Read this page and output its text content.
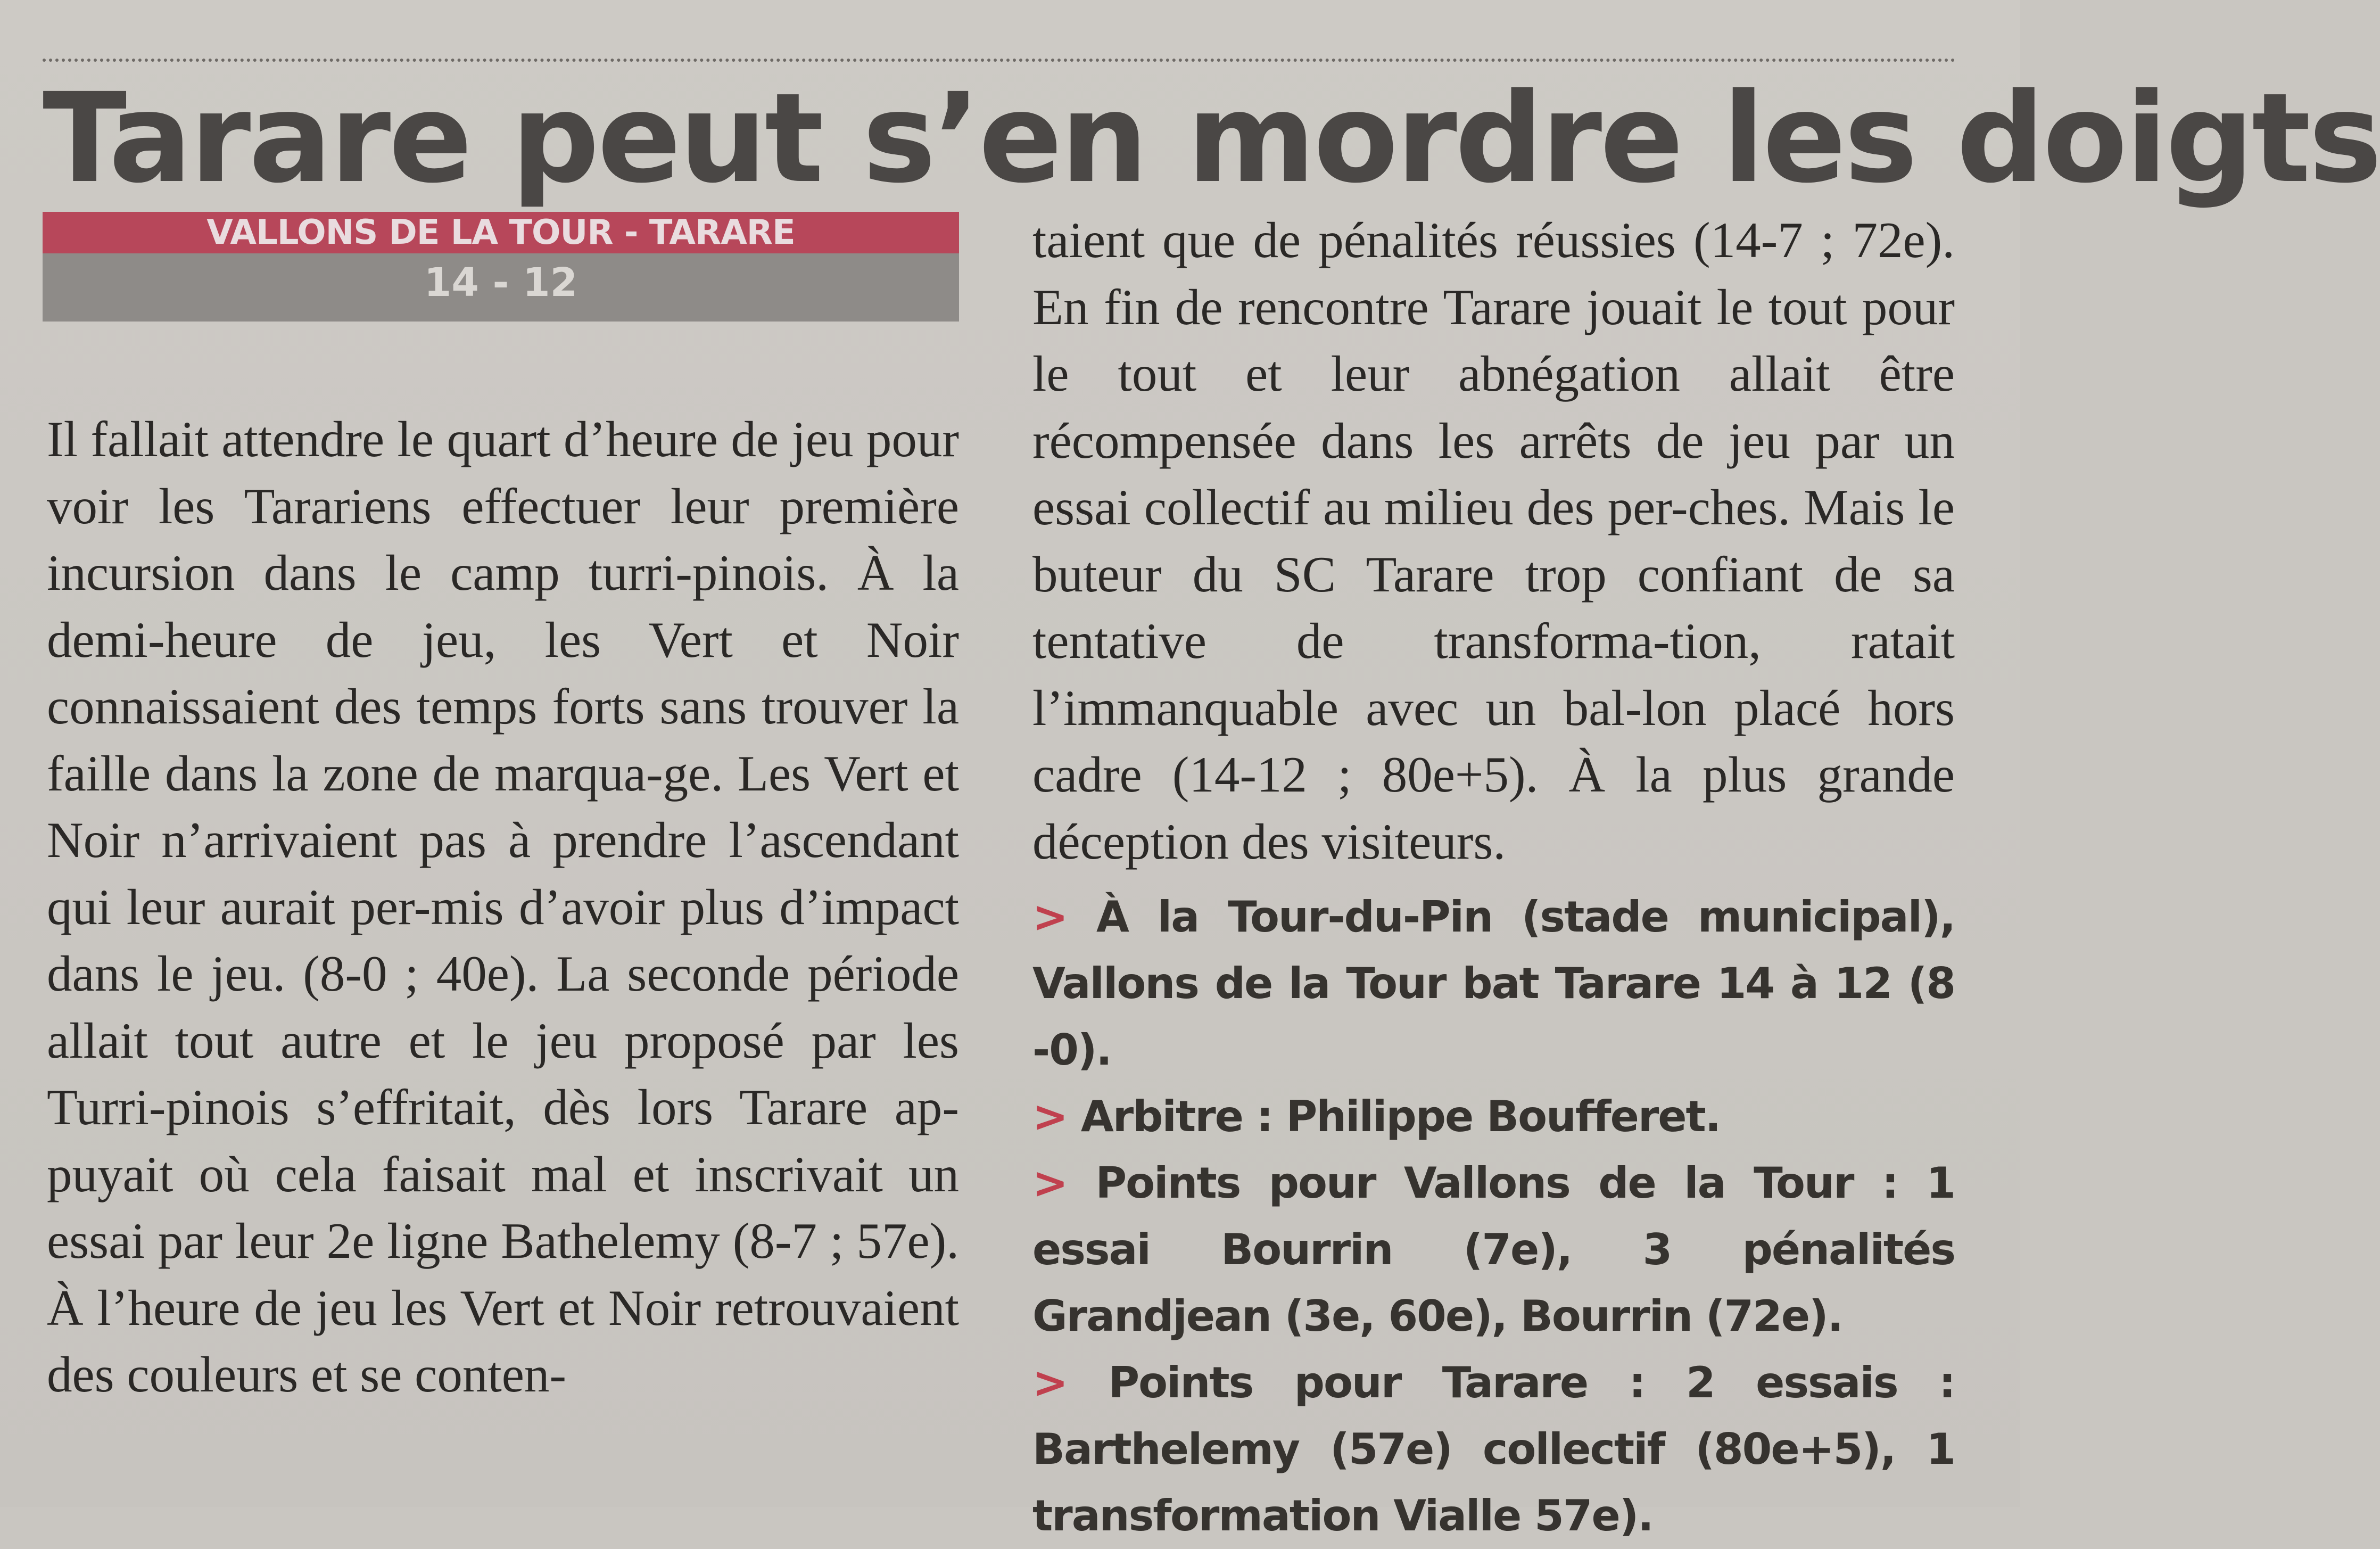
Tarare peut s’en mordre les doigts
VALLONS DE LA TOUR - TARARE
14 - 12

Il fallait attendre le quart d’heure de jeu pour voir les Tarariens effectuer leur première incursion dans le camp turri-pinois. À la demi-heure de jeu, les Vert et Noir connaissaient des temps forts sans trouver la faille dans la zone de marqua-ge. Les Vert et Noir n’arrivaient pas à prendre l’ascendant qui leur aurait per-mis d’avoir plus d’impact dans le jeu. (8-0 ; 40e). La seconde période allait tout autre et le jeu proposé par les Turri-pinois s’effritait, dès lors Tarare ap-puyait où cela faisait mal et inscrivait un essai par leur 2e ligne Bathelemy (8-7 ; 57e). À l’heure de jeu les Vert et Noir retrouvaient des couleurs et se conten-

taient que de pénalités réussies (14-7 ; 72e). En fin de rencontre Tarare jouait le tout pour le tout et leur abnégation allait être récompensée dans les arrêts de jeu par un essai collectif au milieu des per-ches. Mais le buteur du SC Tarare trop confiant de sa tentative de transforma-tion, ratait l’immanquable avec un bal-lon placé hors cadre (14-12 ; 80e+5). À la plus grande déception des visiteurs.

> À la Tour-du-Pin (stade municipal), Vallons de la Tour bat Tarare 14 à 12 (8 -0).

> Arbitre : Philippe Boufferet.

> Points pour Vallons de la Tour : 1 essai Bourrin (7e), 3 pénalités Grandjean (3e, 60e), Bourrin (72e).

> Points pour Tarare : 2 essais : Barthelemy (57e) collectif (80e+5), 1 transformation Vialle 57e).
